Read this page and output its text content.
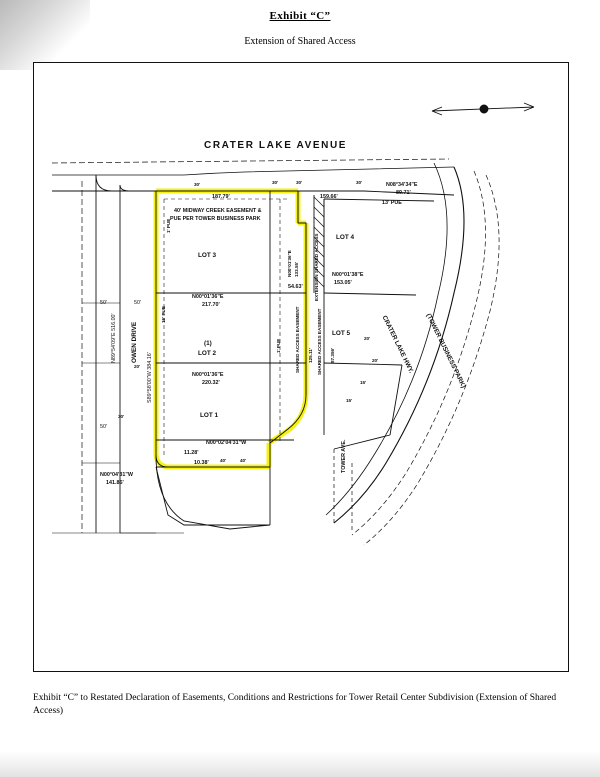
Exhibit “C”
Extension of Shared Access
CRATER LAKE AVENUE
OWEN DRIVE
50'	50'
50'
N89°54'09"E 516.00'
S89°58'00"W 384.16'
187.79'
40' MIDWAY CREEK EASEMENT &
PUE PER TOWER BUSINESS PARK
LOT 3
(1)
LOT 2
LOT 1
LOT 4
LOT 5
N00°01'36"E
217.70'
N00°01'36"E
220.32'
159.66'
N08°34'34"E
89.71'
13' PUE
N00°01'38"E
153.05'
54.63'
N00°01'36"E 133.55'	EXTENSION SHARED ACCESS
SHARED ACCESS EASEMENT	SHARED ACCESS EASEMENT
15' PUE
125.11'	87.356'
11.28'
N00°02'04'31"W
10.38'
N00°04'31"W
141.85'
30'	30'	30'	30'
40'	40'
1' PUE
1' PUE
20'
20'
15'
15'
30'
20'	CRATER LAKE HWY. (TOWER BUSINESS PARK)
TOWER AVE.
Exhibit “C” to Restated Declaration of Easements, Conditions and Restrictions for Tower Retail Center Subdivision (Extension of Shared Access)
